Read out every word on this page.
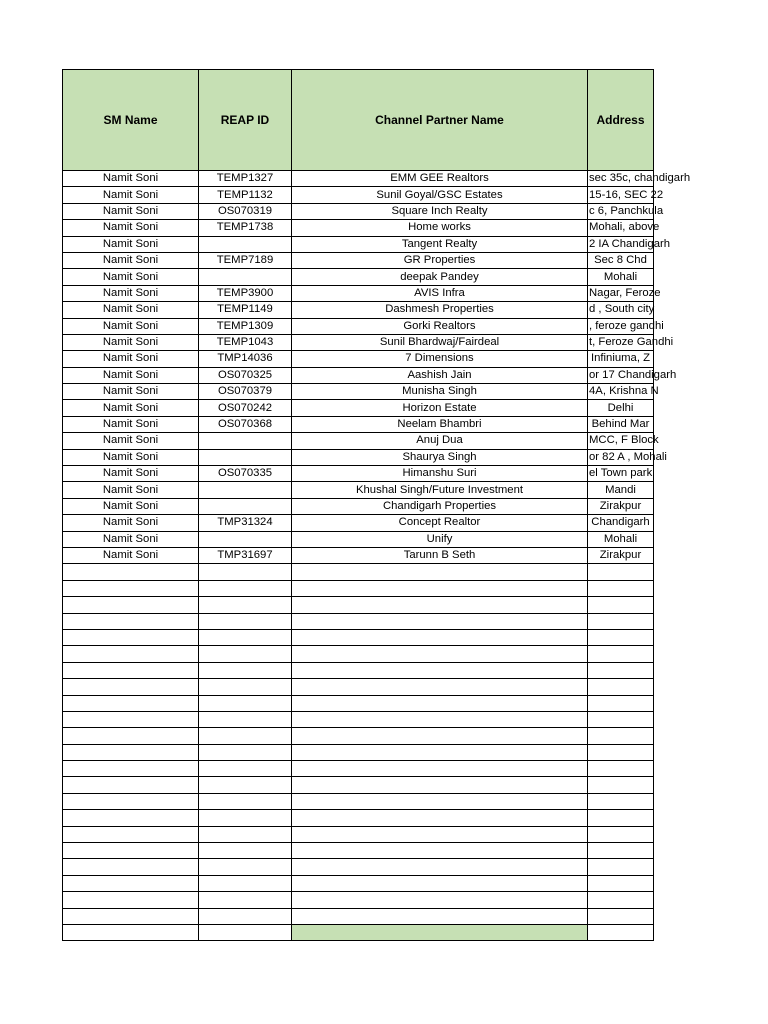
SM Name	REAP ID	Channel Partner Name	Address
Namit Soni	TEMP1327	EMM GEE Realtors	sec 35c, chandigarh
Namit Soni	TEMP1132	Sunil Goyal/GSC Estates	15-16, SEC 22
Namit Soni	OS070319	Square Inch Realty	c 6, Panchkula
Namit Soni	TEMP1738	Home works	Mohali, above
Namit Soni		Tangent Realty	2 IA Chandigarh
Namit Soni	TEMP7189	GR Properties	Sec 8 Chd
Namit Soni		deepak Pandey	Mohali
Namit Soni	TEMP3900	AVIS Infra	Nagar, Feroze
Namit Soni	TEMP1149	Dashmesh Properties	d , South city
Namit Soni	TEMP1309	Gorki Realtors	, feroze gandhi
Namit Soni	TEMP1043	Sunil Bhardwaj/Fairdeal	t, Feroze Gandhi
Namit Soni	TMP14036	7 Dimensions	Infiniuma, Z
Namit Soni	OS070325	Aashish Jain	or 17 Chandigarh
Namit Soni	OS070379	Munisha Singh	4A, Krishna N
Namit Soni	OS070242	Horizon Estate	Delhi
Namit Soni	OS070368	Neelam Bhambri	Behind Mar
Namit Soni		Anuj Dua	MCC, F Block
Namit Soni		Shaurya Singh	or 82 A , Mohali
Namit Soni	OS070335	Himanshu Suri	el Town park
Namit Soni		Khushal Singh/Future Investment	Mandi
Namit Soni		Chandigarh Properties	Zirakpur
Namit Soni	TMP31324	Concept Realtor	Chandigarh
Namit Soni		Unify	Mohali
Namit Soni	TMP31697	Tarunn B Seth	Zirakpur
